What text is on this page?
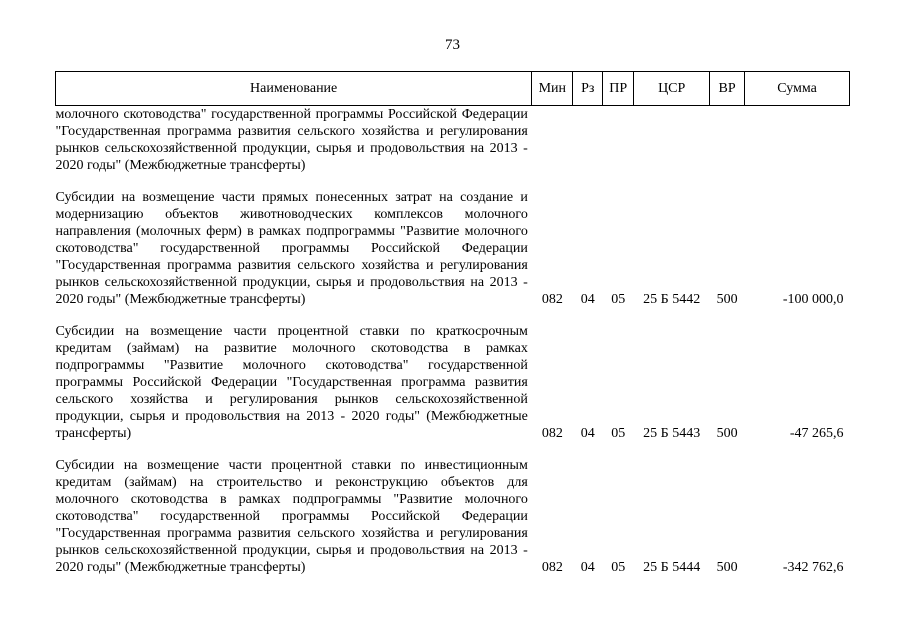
73
Наименование	Мин	Рз	ПР	ЦСР	ВР	Сумма

молочного скотоводства" государственной программы Российской Федерации "Государственная программа развития сельского хозяйства и регулирования рынков сельскохозяйственной продукции, сырья и продовольствия на 2013 - 2020 годы" (Межбюджетные трансферты)						

Субсидии на возмещение части прямых понесенных затрат на создание и модернизацию объектов животноводческих комплексов молочного направления (молочных ферм) в рамках подпрограммы "Развитие молочного скотоводства" государственной программы Российской Федерации "Государственная программа развития сельского хозяйства и регулирования рынков сельскохозяйственной продукции, сырья и продовольствия на 2013 - 2020 годы" (Межбюджетные трансферты)	082	04	05	25 Б 5442	500	-100 000,0

Субсидии на возмещение части процентной ставки по краткосрочным кредитам (займам) на развитие молочного скотоводства в рамках подпрограммы "Развитие молочного скотоводства" государственной программы Российской Федерации "Государственная программа развития сельского хозяйства и регулирования рынков сельскохозяйственной продукции, сырья и продовольствия на 2013 - 2020 годы" (Межбюджетные трансферты)	082	04	05	25 Б 5443	500	-47 265,6

Субсидии на возмещение части процентной ставки по инвестиционным кредитам (займам) на строительство и реконструкцию объектов для молочного скотоводства в рамках подпрограммы "Развитие молочного скотоводства" государственной программы Российской Федерации "Государственная программа развития сельского хозяйства и регулирования рынков сельскохозяйственной продукции, сырья и продовольствия на 2013 - 2020 годы" (Межбюджетные трансферты)	082	04	05	25 Б 5444	500	-342 762,6
